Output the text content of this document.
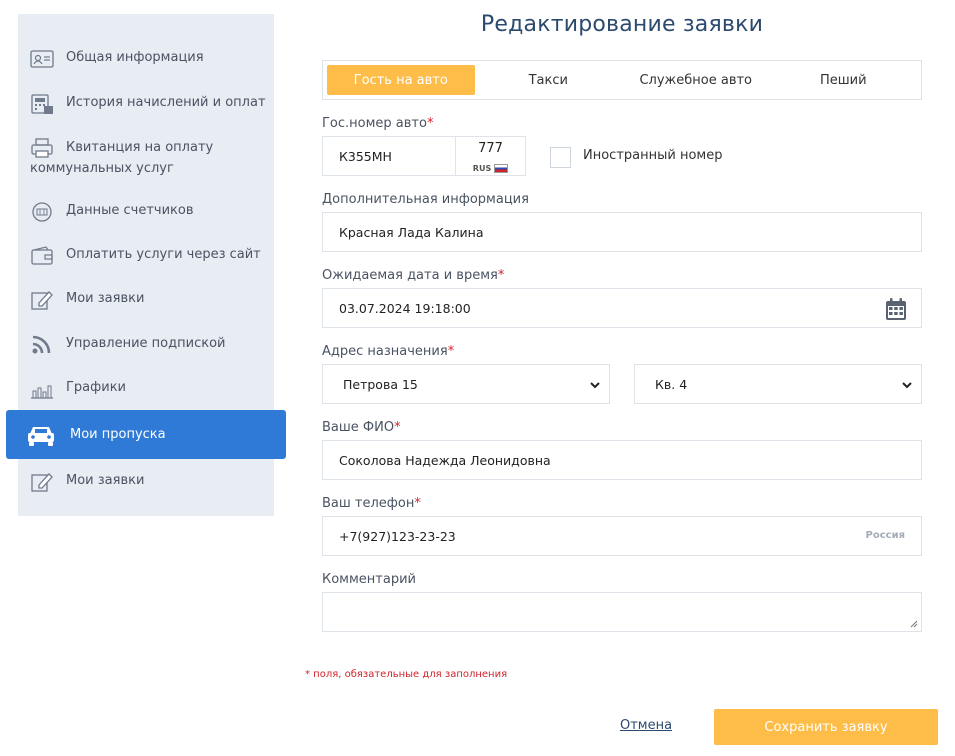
Общая информация
История начислений и оплат
Квитанция на оплату
коммунальных услуг
Данные счетчиков
Оплатить услуги через сайт
Мои заявки
Управление подпиской
Графики
Мои заявки
Мои пропуска
Редактирование заявки
Гость на авто	Такси	Служебное авто	Пеший
Гос.номер авто*
К355МН	777
RUS
Иностранный номер
Дополнительная информация
Красная Лада Калина
Ожидаемая дата и время*
03.07.2024 19:18:00
Адрес назначения*
Петрова 15	Кв. 4
Ваше ФИО*
Соколова Надежда Леонидовна
Ваш телефон*
+7(927)123-23-23	Россия
Комментарий
* поля, обязательные для заполнения
Отмена	Сохранить заявку
